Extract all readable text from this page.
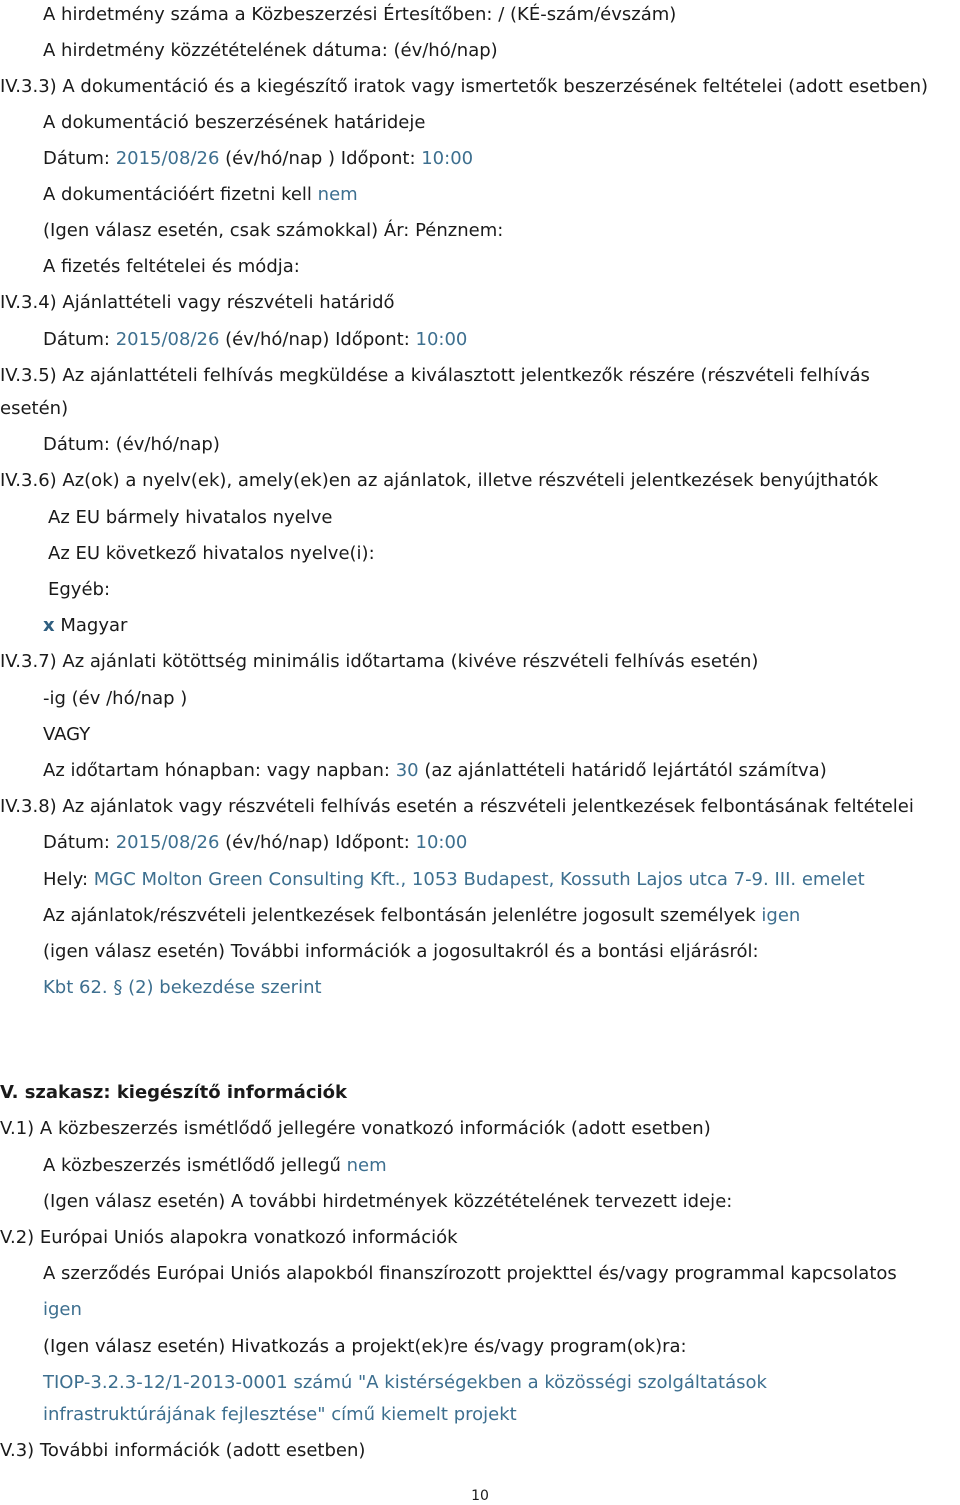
A hirdetmény száma a Közbeszerzési Értesítőben: / (KÉ-szám/évszám)
A hirdetmény közzétételének dátuma: (év/hó/nap)
IV.3.3) A dokumentáció és a kiegészítő iratok vagy ismertetők beszerzésének feltételei (adott esetben)
A dokumentáció beszerzésének határideje
Dátum: 2015/08/26 (év/hó/nap ) Időpont: 10:00
A dokumentációért fizetni kell nem
(Igen válasz esetén, csak számokkal) Ár: Pénznem:
A fizetés feltételei és módja:
IV.3.4) Ajánlattételi vagy részvételi határidő
Dátum: 2015/08/26 (év/hó/nap) Időpont: 10:00
IV.3.5) Az ajánlattételi felhívás megküldése a kiválasztott jelentkezők részére (részvételi felhívás
esetén)
Dátum: (év/hó/nap)
IV.3.6) Az(ok) a nyelv(ek), amely(ek)en az ajánlatok, illetve részvételi jelentkezések benyújthatók
Az EU bármely hivatalos nyelve
Az EU következő hivatalos nyelve(i):
Egyéb:
x Magyar
IV.3.7) Az ajánlati kötöttség minimális időtartama (kivéve részvételi felhívás esetén)
-ig (év /hó/nap )
VAGY
Az időtartam hónapban: vagy napban: 30 (az ajánlattételi határidő lejártától számítva)
IV.3.8) Az ajánlatok vagy részvételi felhívás esetén a részvételi jelentkezések felbontásának feltételei
Dátum: 2015/08/26 (év/hó/nap) Időpont: 10:00
Hely: MGC Molton Green Consulting Kft., 1053 Budapest, Kossuth Lajos utca 7-9. III. emelet
Az ajánlatok/részvételi jelentkezések felbontásán jelenlétre jogosult személyek igen
(igen válasz esetén) További információk a jogosultakról és a bontási eljárásról:
Kbt 62. § (2) bekezdése szerint
V. szakasz: kiegészítő információk
V.1) A közbeszerzés ismétlődő jellegére vonatkozó információk (adott esetben)
A közbeszerzés ismétlődő jellegű nem
(Igen válasz esetén) A további hirdetmények közzétételének tervezett ideje:
V.2) Európai Uniós alapokra vonatkozó információk
A szerződés Európai Uniós alapokból finanszírozott projekttel és/vagy programmal kapcsolatos
igen
(Igen válasz esetén) Hivatkozás a projekt(ek)re és/vagy program(ok)ra:
TIOP-3.2.3-12/1-2013-0001 számú "A kistérségekben a közösségi szolgáltatások
infrastruktúrájának fejlesztése" című kiemelt projekt
V.3) További információk (adott esetben)
10
